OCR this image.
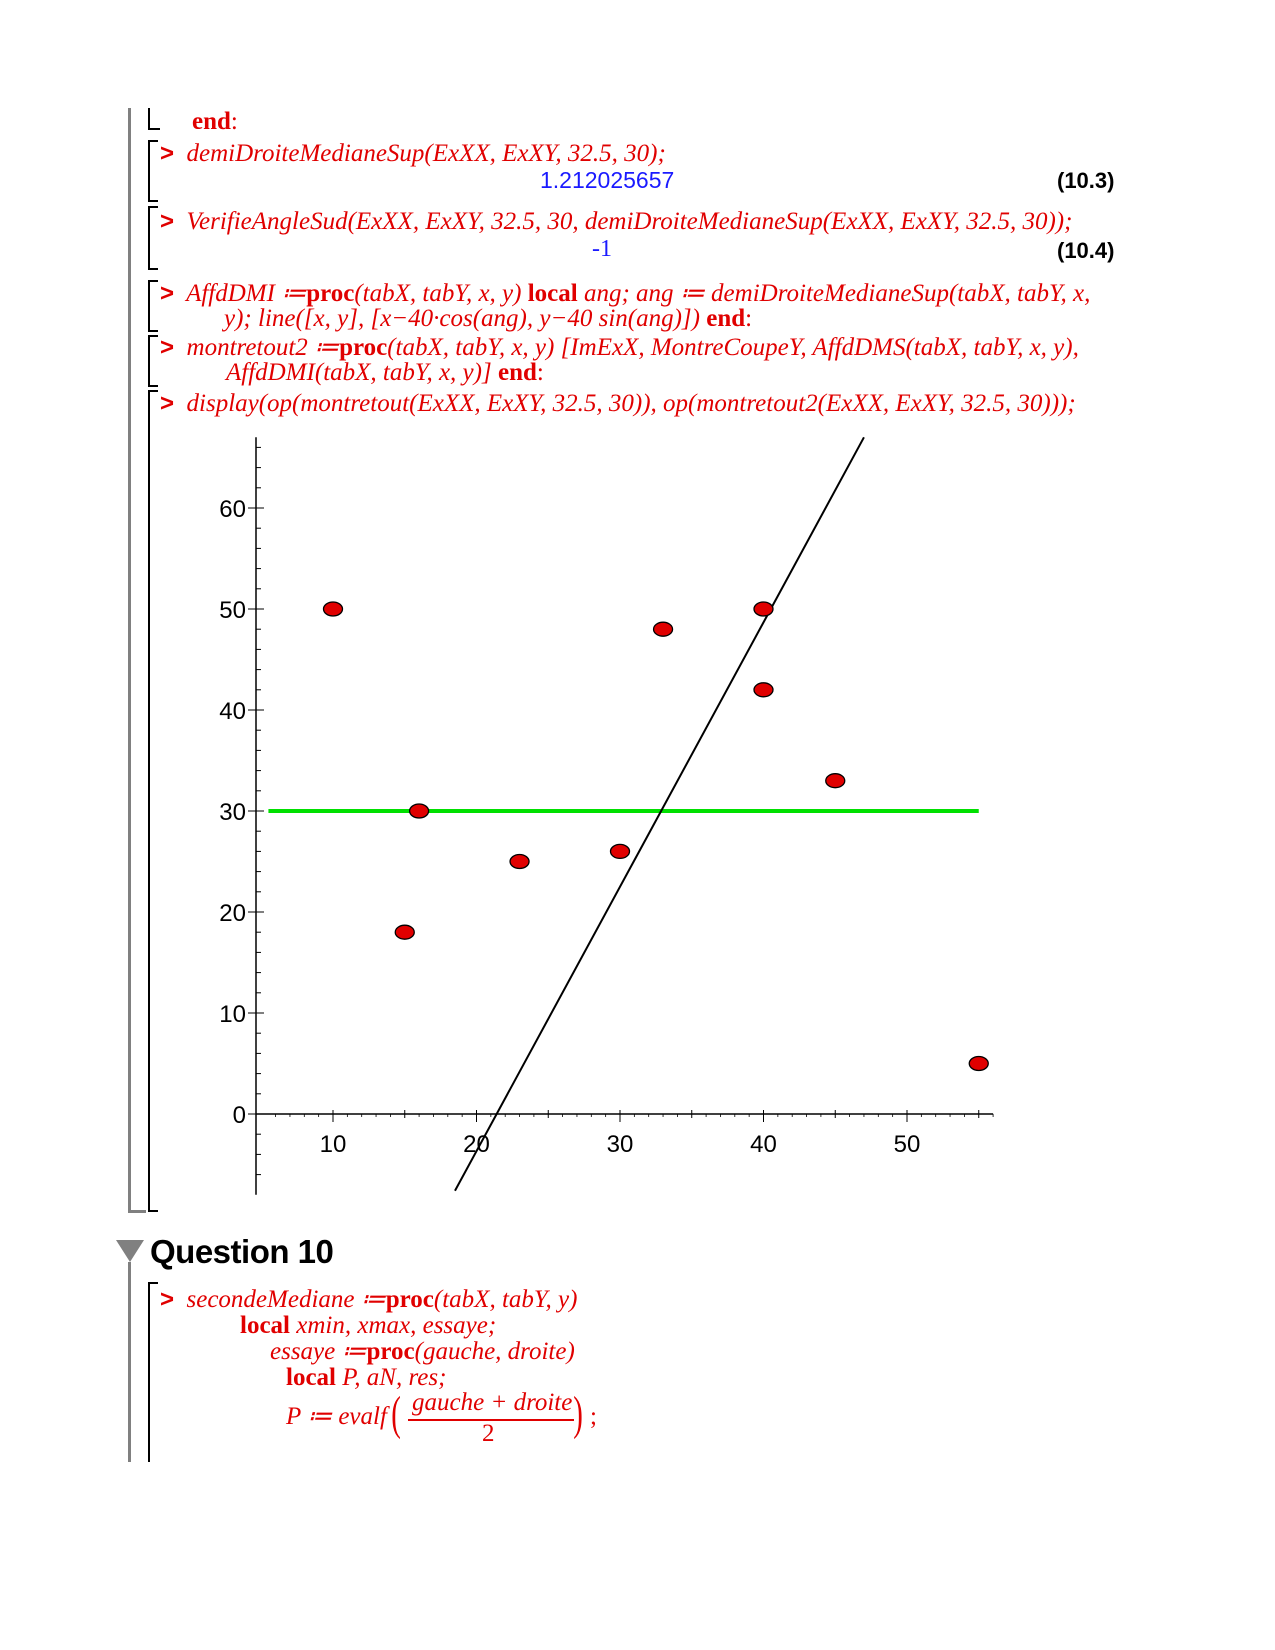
end:
> demiDroiteMedianeSup(ExXX, ExXY, 32.5, 30);
1.212025657	(10.3)
> VerifieAngleSud(ExXX, ExXY, 32.5, 30, demiDroiteMedianeSup(ExXX, ExXY, 32.5, 30));
-1	(10.4)
> AffdDMI ≔proc(tabX, tabY, x, y) local ang; ang ≔ demiDroiteMedianeSup(tabX, tabY, x,
y); line([x, y], [x−40·cos(ang), y−40 sin(ang)]) end:
> montretout2 ≔proc(tabX, tabY, x, y) [ImExX, MontreCoupeY, AffdDMS(tabX, tabY, x, y),
AffdDMI(tabX, tabY, x, y)] end:
> display(op(montretout(ExXX, ExXY, 32.5, 30)), op(montretout2(ExXX, ExXY, 32.5, 30)));
0
10
20
30
40
50
60
10	20	30	40	50
Question 10
> secondeMediane ≔proc(tabX, tabY, y)
local xmin, xmax, essaye;
essaye ≔proc(gauche, droite)
local P, aN, res;
P ≔ evalf ( gauche + droite
2 ) ;
